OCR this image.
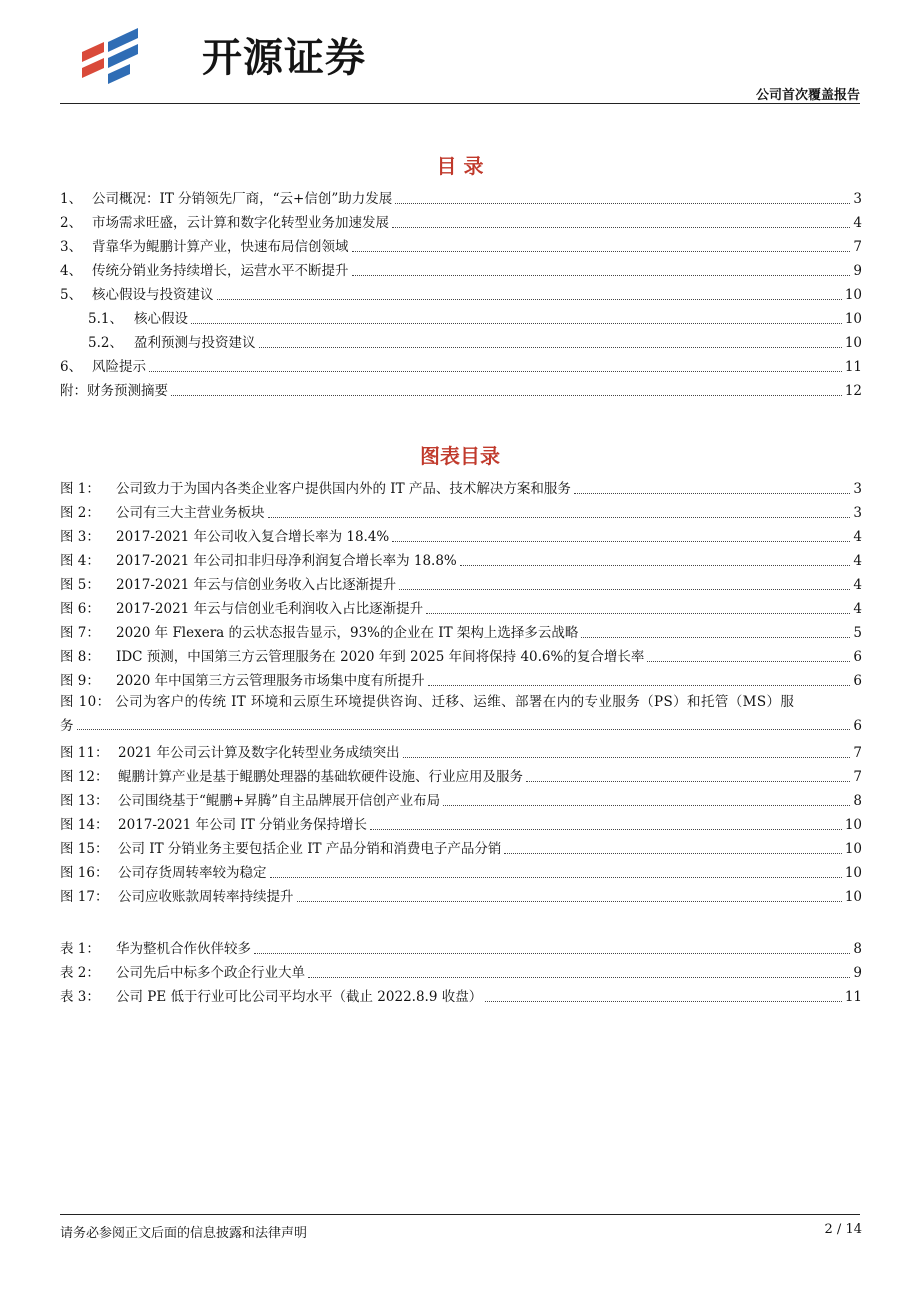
开源证券
公司首次覆盖报告
目 录
1、 公司概况：IT 分销领先厂商，“云+信创”助力发展	3
2、 市场需求旺盛，云计算和数字化转型业务加速发展	4
3、 背靠华为鲲鹏计算产业，快速布局信创领域	7
4、 传统分销业务持续增长，运营水平不断提升	9
5、 核心假设与投资建议	10
5.1、 核心假设	10
5.2、 盈利预测与投资建议	10
6、 风险提示	11
附： 财务预测摘要	12
图表目录
图 1：	公司致力于为国内各类企业客户提供国内外的 IT 产品、技术解决方案和服务	3
图 2：	公司有三大主营业务板块	3
图 3：	2017-2021 年公司收入复合增长率为 18.4%	4
图 4：	2017-2021 年公司扣非归母净利润复合增长率为 18.8%	4
图 5：	2017-2021 年云与信创业务收入占比逐渐提升	4
图 6：	2017-2021 年云与信创业毛利润收入占比逐渐提升	4
图 7：	2020 年 Flexera 的云状态报告显示，93%的企业在 IT 架构上选择多云战略	5
图 8：	IDC 预测，中国第三方云管理服务在 2020 年到 2025 年间将保持 40.6%的复合增长率	6
图 9：	2020 年中国第三方云管理服务市场集中度有所提升	6
图 10： 公司为客户的传统 IT 环境和云原生环境提供咨询、迁移、运维、部署在内的专业服务（PS）和托管（MS）服
务	6
图 11： 2021 年公司云计算及数字化转型业务成绩突出	7
图 12： 鲲鹏计算产业是基于鲲鹏处理器的基础软硬件设施、行业应用及服务	7
图 13： 公司围绕基于“鲲鹏+昇腾”自主品牌展开信创产业布局	8
图 14： 2017-2021 年公司 IT 分销业务保持增长	10
图 15： 公司 IT 分销业务主要包括企业 IT 产品分销和消费电子产品分销	10
图 16： 公司存货周转率较为稳定	10
图 17： 公司应收账款周转率持续提升	10
表 1：	华为整机合作伙伴较多	8
表 2：	公司先后中标多个政企行业大单	9
表 3：	公司 PE 低于行业可比公司平均水平（截止 2022.8.9 收盘）	11
请务必参阅正文后面的信息披露和法律声明	2 / 14
